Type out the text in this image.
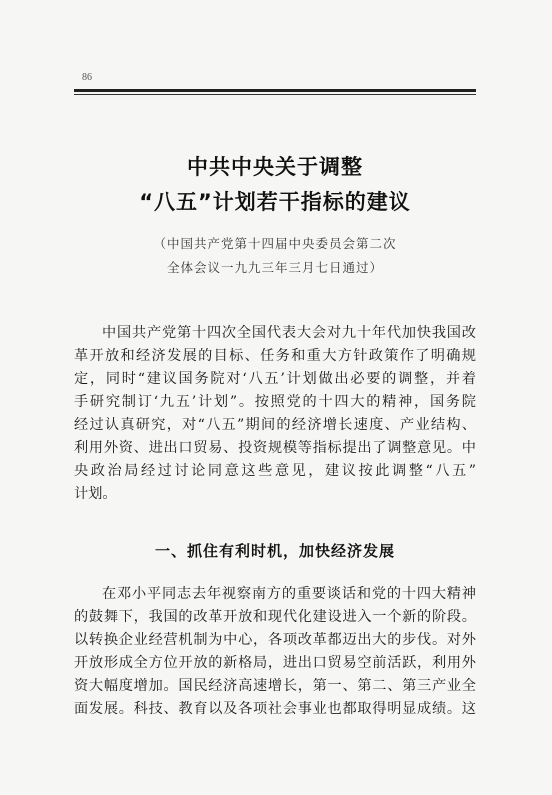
86
中共中央关于调整
“八五”计划若干指标的建议
（中国共产党第十四届中央委员会第二次
全体会议一九九三年三月七日通过）
中国共产党第十四次全国代表大会对九十年代加快我国改
革开放和经济发展的目标、任务和重大方针政策作了明确规
定，同时“建议国务院对‘八五’计划做出必要的调整，并着
手研究制订‘九五’计划”。按照党的十四大的精神，国务院
经过认真研究，对“八五”期间的经济增长速度、产业结构、
利用外资、进出口贸易、投资规模等指标提出了调整意见。中
央政治局经过讨论同意这些意见，建议按此调整“八五”
计划。
一、抓住有利时机，加快经济发展
在邓小平同志去年视察南方的重要谈话和党的十四大精神
的鼓舞下，我国的改革开放和现代化建设进入一个新的阶段。
以转换企业经营机制为中心，各项改革都迈出大的步伐。对外
开放形成全方位开放的新格局，进出口贸易空前活跃，利用外
资大幅度增加。国民经济高速增长，第一、第二、第三产业全
面发展。科技、教育以及各项社会事业也都取得明显成绩。这
